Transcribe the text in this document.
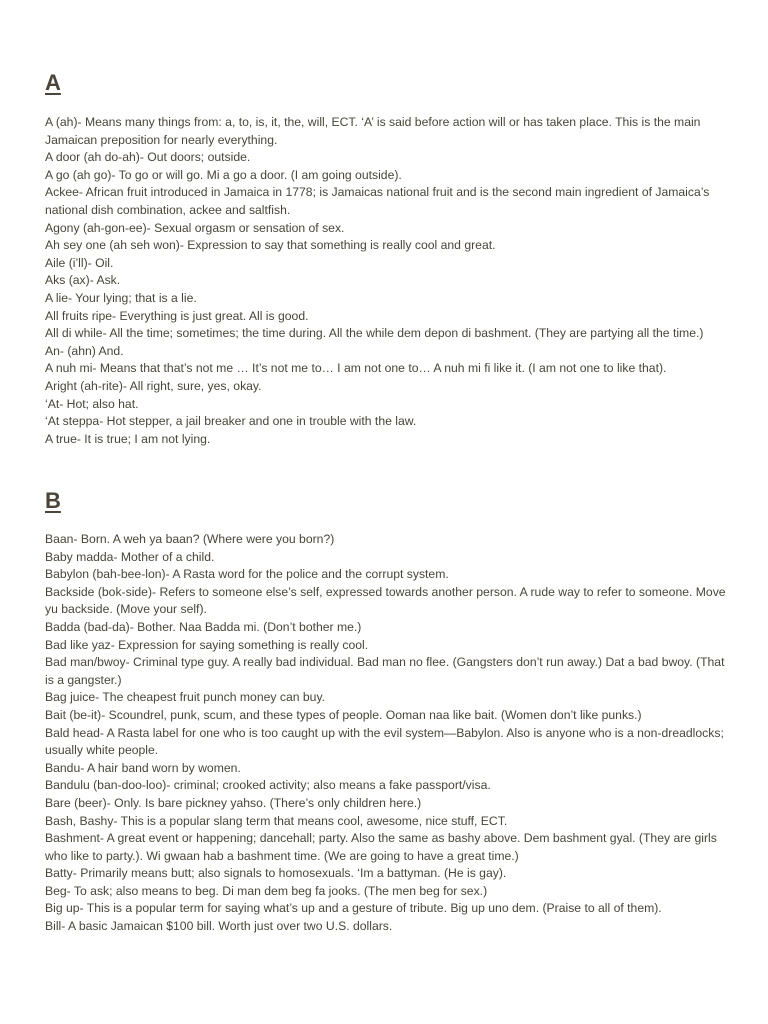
A
A (ah)- Means many things from: a, to, is, it, the, will, ECT. ‘A’ is said before action will or has taken place. This is the main Jamaican preposition for nearly everything.
A door (ah do-ah)- Out doors; outside.
A go (ah go)- To go or will go. Mi a go a door. (I am going outside).
Ackee- African fruit introduced in Jamaica in 1778; is Jamaicas national fruit and is the second main ingredient of Jamaica’s national dish combination, ackee and saltfish.
Agony (ah-gon-ee)- Sexual orgasm or sensation of sex.
Ah sey one (ah seh won)- Expression to say that something is really cool and great.
Aile (i’ll)- Oil.
Aks (ax)- Ask.
A lie- Your lying; that is a lie.
All fruits ripe- Everything is just great. All is good.
All di while- All the time; sometimes; the time during. All the while dem depon di bashment. (They are partying all the time.)
An- (ahn) And.
A nuh mi- Means that that’s not me … It’s not me to… I am not one to… A nuh mi fi like it. (I am not one to like that).
Aright (ah-rite)- All right, sure, yes, okay.
‘At- Hot; also hat.
‘At steppa- Hot stepper, a jail breaker and one in trouble with the law.
A true- It is true; I am not lying.
B
Baan- Born. A weh ya baan? (Where were you born?)
Baby madda- Mother of a child.
Babylon (bah-bee-lon)- A Rasta word for the police and the corrupt system.
Backside (bok-side)- Refers to someone else’s self, expressed towards another person. A rude way to refer to someone. Move yu backside. (Move your self).
Badda (bad-da)- Bother. Naa Badda mi. (Don’t bother me.)
Bad like yaz- Expression for saying something is really cool.
Bad man/bwoy- Criminal type guy. A really bad individual. Bad man no flee. (Gangsters don’t run away.) Dat a bad bwoy. (That is a gangster.)
Bag juice- The cheapest fruit punch money can buy.
Bait (be-it)- Scoundrel, punk, scum, and these types of people. Ooman naa like bait. (Women don’t like punks.)
Bald head- A Rasta label for one who is too caught up with the evil system—Babylon. Also is anyone who is a non-dreadlocks; usually white people.
Bandu- A hair band worn by women.
Bandulu (ban-doo-loo)- criminal; crooked activity; also means a fake passport/visa.
Bare (beer)- Only. Is bare pickney yahso. (There’s only children here.)
Bash, Bashy- This is a popular slang term that means cool, awesome, nice stuff, ECT.
Bashment- A great event or happening; dancehall; party. Also the same as bashy above. Dem bashment gyal. (They are girls who like to party.). Wi gwaan hab a bashment time. (We are going to have a great time.)
Batty- Primarily means butt; also signals to homosexuals. ‘Im a battyman. (He is gay).
Beg- To ask; also means to beg. Di man dem beg fa jooks. (The men beg for sex.)
Big up- This is a popular term for saying what’s up and a gesture of tribute. Big up uno dem. (Praise to all of them).
Bill- A basic Jamaican $100 bill. Worth just over two U.S. dollars.
